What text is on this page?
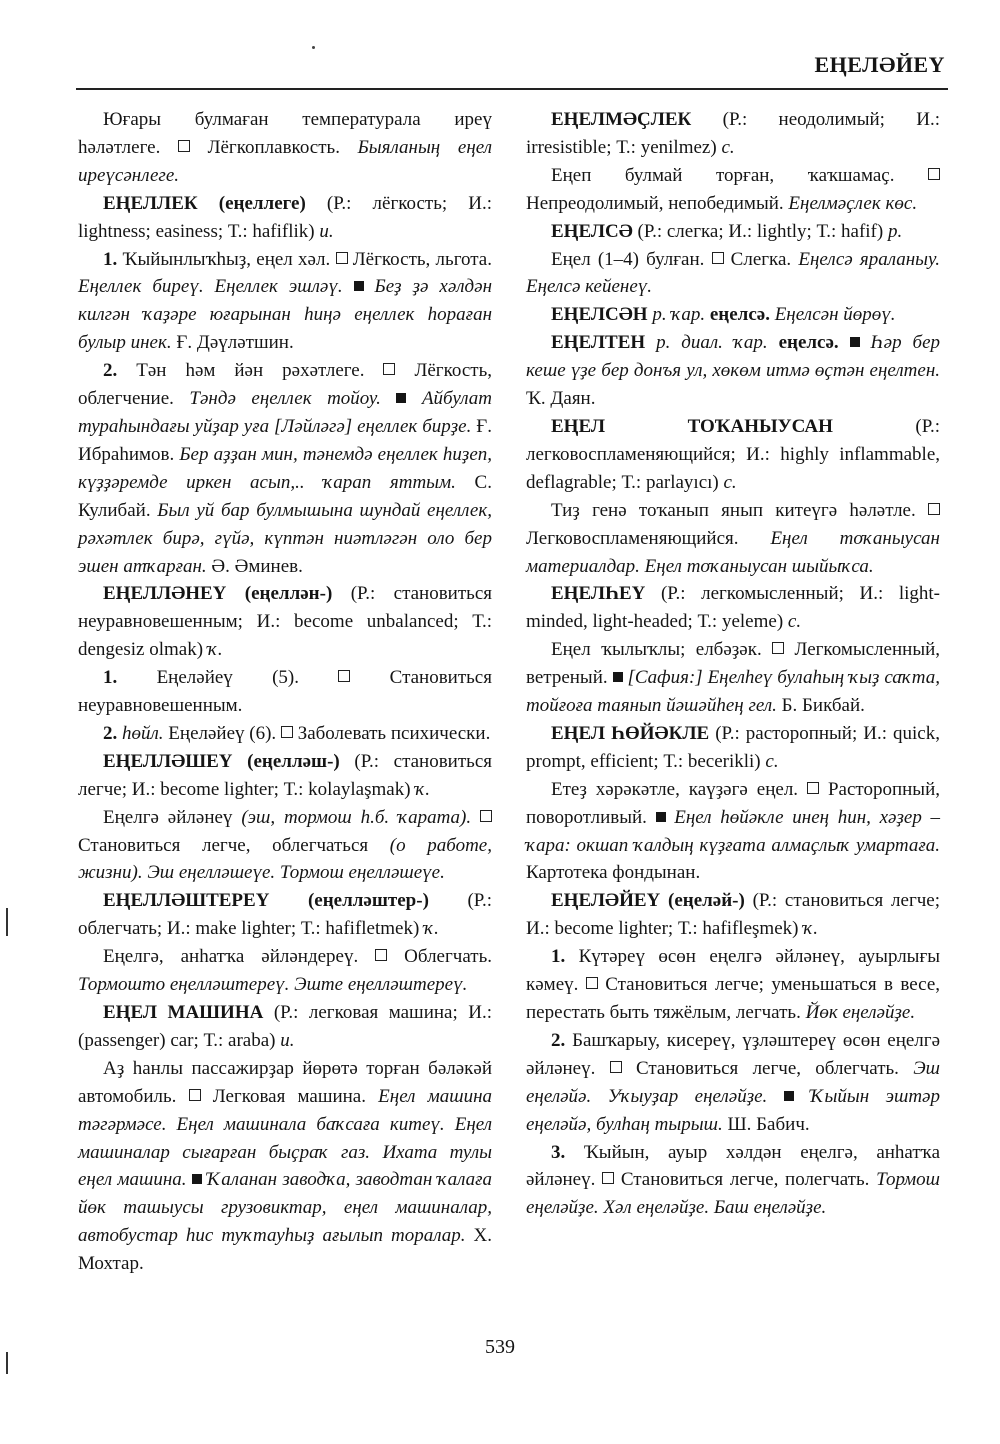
ЕҢЕЛӘЙЕҮ

Юғары булмаған температурала иреү һәләтлеге.  Лёгкоплавкость. Быяланың еңел иреүсәнлеге.

ЕҢЕЛЛЕК (еңеллеге) (Р.: лёгкость; И.: lightness; easiness; Т.: hafiflik) и.

1. Ҡыйынлыҡһыҙ, еңел хәл.  Лёгкость, льгота. Еңеллек биреү. Еңеллек эшләү. Беҙ ҙә хәлдән килгән ҡаҙәре юғарынан һиңә еңеллек һораған булыр инек. Ғ. Дәүләтшин.

2. Тән һәм йән рәхәтлеге.  Лёгкость, облегчение. Тәндә еңеллек тойоу. Айбулат тураһындағы уйҙар уға [Ләйләгә] еңеллек бирҙе. Ғ. Ибраһимов. Бер аҙҙан мин, тәнемдә еңеллек һиҙеп, күҙҙәремде иркен асып,.. ҡарап яттым. С. Кулибай. Был уй бар булмышына шундай еңеллек, рәхәтлек бирә, гүйә, күптән ниәтләгән оло бер эшен атҡарған. Ә. Әминев.

ЕҢЕЛЛӘНЕҮ (еңеллән-) (Р.: становиться неуравновешенным; И.: become unbalanced; Т.: dengesiz olmak) ҡ.

1. Еңеләйеү (5).  Становиться неуравновешенным.

2. һөйл. Еңеләйеү (6).  Заболевать психически.

ЕҢЕЛЛӘШЕҮ (еңелләш-) (Р.: становиться легче; И.: become lighter; Т.: kolaylaşmak) ҡ.

Еңелгә әйләнеү (эш, тормош һ.б. ҡарата).  Становиться легче, облегчаться (о работе, жизни). Эш еңелләшеүе. Тормош еңелләшеүе.

ЕҢЕЛЛӘШТЕРЕҮ (еңелләштер-) (Р.: облегчать; И.: make lighter; Т.: hafifletmek) ҡ.

Еңелгә, анһатҡа әйләндереү.  Облегчать. Тормошто еңелләштереү. Эште еңелләштереү.

ЕҢЕЛ МАШИНА (Р.: легковая машина; И.: (passenger) car; Т.: araba) и.

Аҙ һанлы пассажирҙар йөрөтә торған бәләкәй автомобиль.  Легковая машина. Еңел машина тәгәрмәсе. Еңел машинала баҡсаға китеү. Еңел машиналар сығарған быҫраҡ газ. Ихата тулы еңел машина. Ҡаланан заводҡа, заводтан ҡалаға йөк ташыусы грузовиктар, еңел машиналар, автобустар һис туҡтауһыҙ ағылып торалар. Х. Мохтар.

ЕҢЕЛМӘҪЛЕК (Р.: неодолимый; И.: irresistible; Т.: yenilmez) с.

Еңеп булмай торған, ҡаҡшамаҫ.  Непреодолимый, непобедимый. Еңелмәҫлек көс.

ЕҢЕЛСӘ (Р.: слегка; И.: lightly; Т.: hafif) р.

Еңел (1–4) булған.  Слегка. Еңелсә яраланыу. Еңелсә кейенеү.

ЕҢЕЛСӘН р. ҡар. еңелсә. Еңелсән йөрөү.

ЕҢЕЛТЕН р. диал. ҡар. еңелсә. Һәр бер кеше үҙе бер донъя ул, хөкөм итмә өҫтән еңелтен. Ҡ. Даян.

ЕҢЕЛ ТОҠАНЫУСАН (Р.: легковоспламеняющийся; И.: highly inflammable, deflagrable; Т.: parlayıcı) с.

Тиҙ генә тоҡанып янып китеүгә һәләтле.  Легковоспламеняющийся. Еңел тоҡаныусан материалдар. Еңел тоҡаныусан шыйыҡса.

ЕҢЕЛҺЕҮ (Р.: легкомысленный; И.: light-minded, light-headed; Т.: yeleme) с.

Еңел ҡылыҡлы; елбәҙәк.  Легкомысленный, ветреный.  [Сафия:] Еңелһеү булаһың ҡыҙ саҡта, тойғоға таянып йәшәйһең гел. Б. Бикбай.

ЕҢЕЛ ҺӨЙӘКЛЕ (Р.: расторопный; И.: quick, prompt, efficient; Т.: becerikli) с.

Етеҙ хәрәкәтле, каүҙәгә еңел.  Расторопный, поворотливый.  Еңел һөйәкле инең һин, хәҙер – ҡара: окшап ҡалдың күҙғата алмаҫлыҡ умартаға. Картотека фондынан.

ЕҢЕЛӘЙЕҮ (еңеләй-) (Р.: становиться легче; И.: become lighter; Т.: hafifleşmek) ҡ.

1. Күтәреү өсөн еңелгә әйләнеү, ауырлығы кәмеү.  Становиться легче; уменьшаться в весе, перестать быть тяжёлым, легчать. Йөк еңеләйҙе.

2. Башҡарыу, кисереү, үҙләштереү өсөн еңелгә әйләнеү.  Становиться легче, облегчать. Эш еңеләйә. Уҡыуҙар еңеләйҙе. Ҡыйын эштәр еңеләйә, булһаң тырыш. Ш. Бабич.

3. Ҡыйын, ауыр хәлдән еңелгә, анһатҡа әйләнеү.  Становиться легче, полегчать. Тормош еңеләйҙе. Хәл еңеләйҙе. Баш еңеләйҙе.

539
